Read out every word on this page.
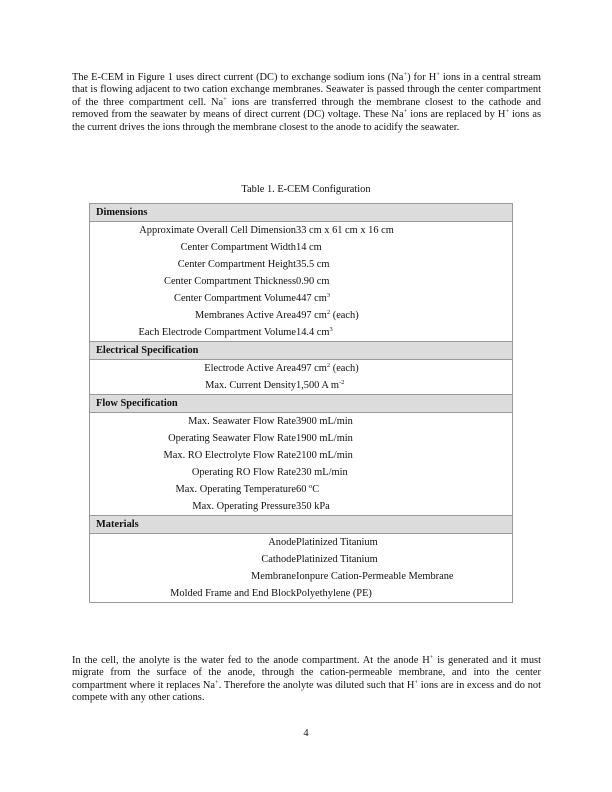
The E-CEM in Figure 1 uses direct current (DC) to exchange sodium ions (Na+) for H+ ions in a central stream that is flowing adjacent to two cation exchange membranes. Seawater is passed through the center compartment of the three compartment cell. Na+ ions are transferred through the membrane closest to the cathode and removed from the seawater by means of direct current (DC) voltage. These Na+ ions are replaced by H+ ions as the current drives the ions through the membrane closest to the anode to acidify the seawater.

Table 1. E-CEM Configuration
Dimensions	
Approximate Overall Cell Dimension	33 cm x 61 cm x 16 cm
Center Compartment Width	14 cm
Center Compartment Height	35.5 cm
Center Compartment Thickness	0.90 cm
Center Compartment Volume	447 $cm^3$
Membranes Active Area	497 $cm^2$ (each)
Each Electrode Compartment Volume	14.4 $cm^3$
Electrical Specification	
Electrode Active Area	497 $cm^2$ (each)
Max. Current Density	1,500 A $m^{-2}$
Flow Specification	
Max. Seawater Flow Rate	3900 mL/min
Operating Seawater Flow Rate	1900 mL/min
Max. RO Electrolyte Flow Rate	2100 mL/min
Operating RO Flow Rate	230 mL/min
Max. Operating Temperature	60 $^o$C
Max. Operating Pressure	350 kPa
Materials	
Anode	Platinized Titanium
Cathode	Platinized Titanium
Membrane	Ionpure Cation-Permeable Membrane
Molded Frame and End Block	Polyethylene (PE)

In the cell, the anolyte is the water fed to the anode compartment. At the anode H+ is generated and it must migrate from the surface of the anode, through the cation-permeable membrane, and into the center compartment where it replaces Na+. Therefore the anolyte was diluted such that H+ ions are in excess and do not compete with any other cations.

4
